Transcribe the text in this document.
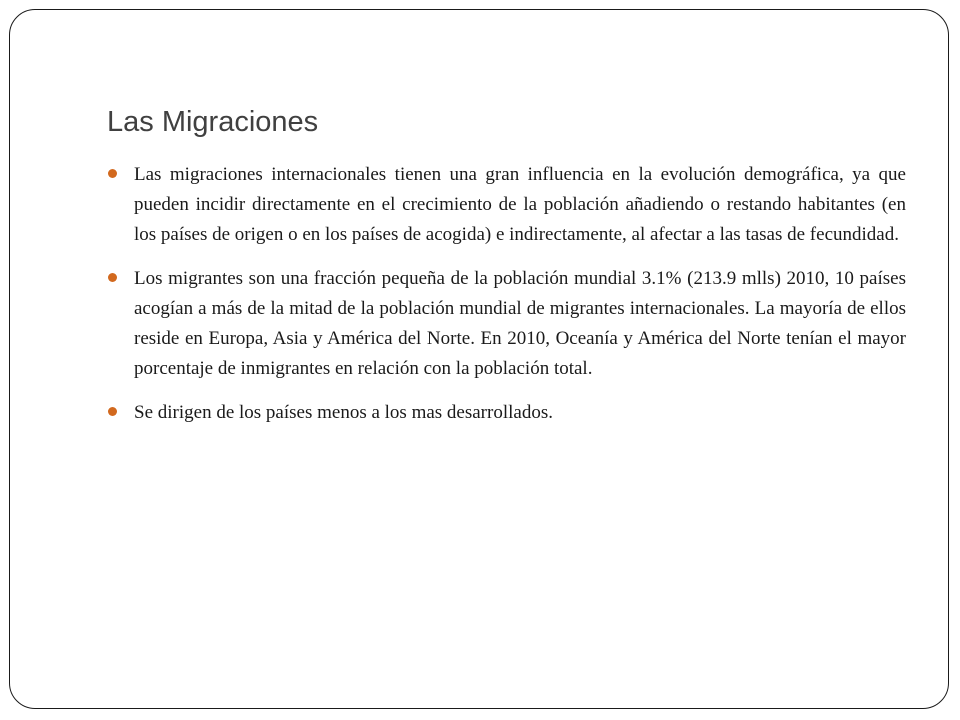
Las Migraciones
Las migraciones internacionales tienen una gran influencia en la evolución demográfica, ya que pueden incidir directamente en el crecimiento de la población añadiendo o restando habitantes (en los países de origen o en los países de acogida) e indirectamente, al afectar a las tasas de fecundidad.
Los migrantes son una fracción pequeña de la población mundial 3.1% (213.9 mlls) 2010, 10 países acogían a más de la mitad de la población mundial de migrantes internacionales. La mayoría de ellos reside en Europa, Asia y América del Norte. En 2010, Oceanía y América del Norte tenían el mayor porcentaje de inmigrantes en relación con la población total.
Se dirigen de los países menos a los mas desarrollados.
